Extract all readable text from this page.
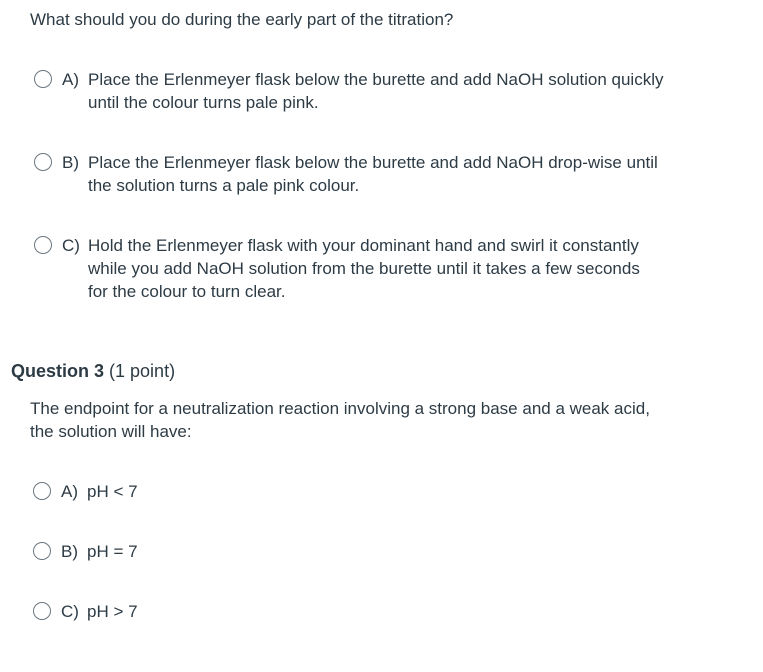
What should you do during the early part of the titration?
A) Place the Erlenmeyer flask below the burette and add NaOH solution quickly
until the colour turns pale pink.
B) Place the Erlenmeyer flask below the burette and add NaOH drop-wise until
the solution turns a pale pink colour.
C) Hold the Erlenmeyer flask with your dominant hand and swirl it constantly
while you add NaOH solution from the burette until it takes a few seconds
for the colour to turn clear.
Question 3 (1 point)
The endpoint for a neutralization reaction involving a strong base and a weak acid,
the solution will have:
A) pH < 7
B) pH = 7
C) pH > 7
